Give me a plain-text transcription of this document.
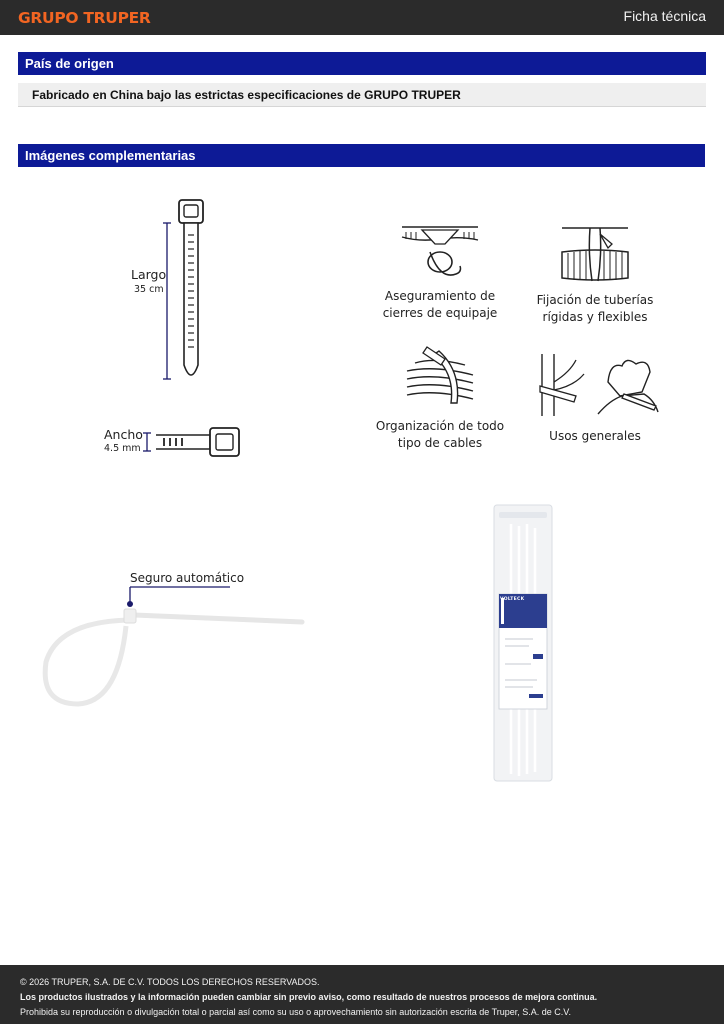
GRUPO TRUPER	Ficha técnica
País de origen
Fabricado en China bajo las estrictas especificaciones de GRUPO TRUPER
Imágenes complementarias
Largo
35 cm
Ancho
4.5 mm
Aseguramiento de cierres de equipaje
Fijación de tuberías rígidas y flexibles
Organización de todo tipo de cables	Usos generales
Seguro automático
VOLTECK
© 2026 TRUPER, S.A. DE C.V. TODOS LOS DERECHOS RESERVADOS.
Los productos ilustrados y la información pueden cambiar sin previo aviso, como resultado de nuestros procesos de mejora continua.
Prohibida su reproducción o divulgación total o parcial así como su uso o aprovechamiento sin autorización escrita de Truper, S.A. de C.V.
